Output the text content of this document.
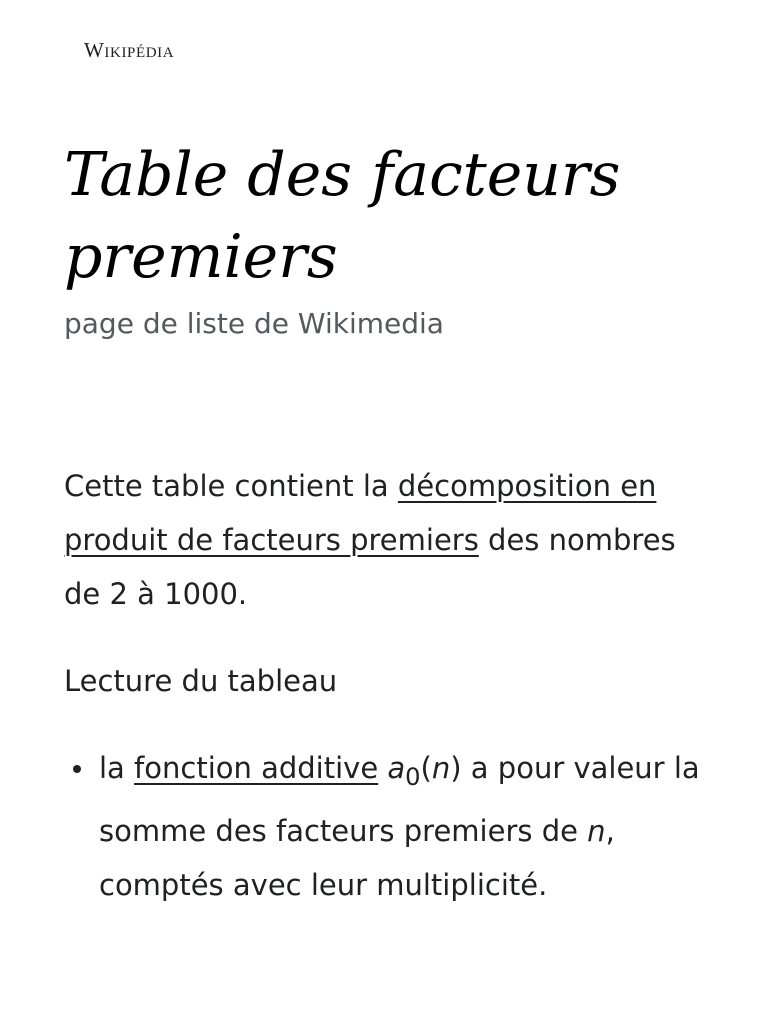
Wikipédia
Table des facteurs premiers
page de liste de Wikimedia

Cette table contient la décomposition en produit de facteurs premiers des nombres de 2 à 1000.

Lecture du tableau

la fonction additive $a_0(n)$ a pour valeur la somme des facteurs premiers de n, comptés avec leur multiplicité.
